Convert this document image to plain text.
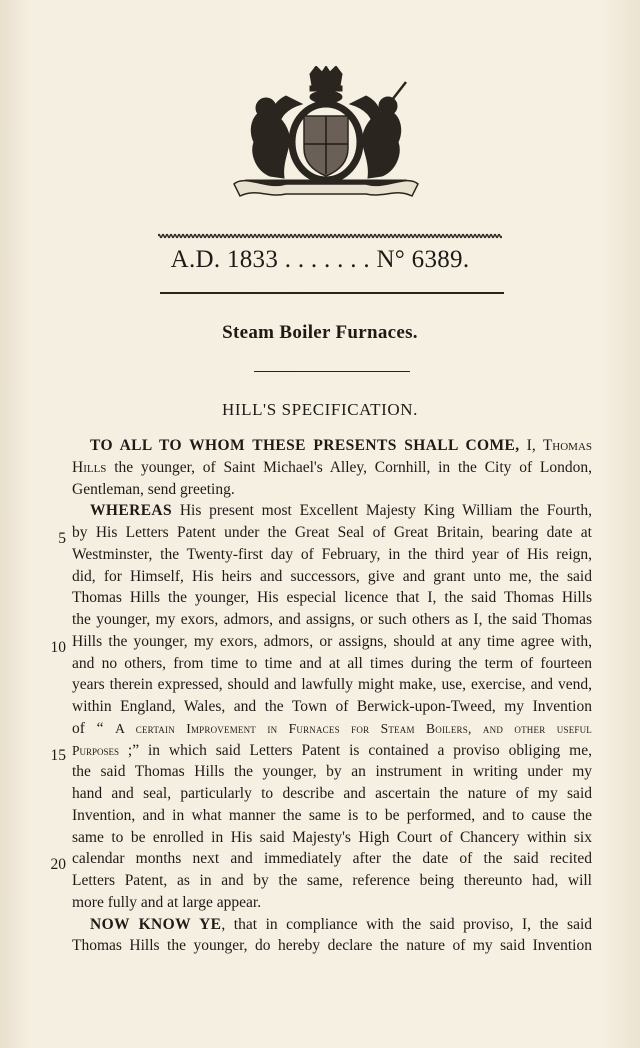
A.D. 1833 . . . . . . . N° 6389.
Steam Boiler Furnaces.
HILL'S SPECIFICATION.
5
10
15
20
TO ALL TO WHOM THESE PRESENTS SHALL COME, I, Thomas
Hills the younger, of Saint Michael's Alley, Cornhill, in the City of London,
Gentleman, send greeting.
WHEREAS His present most Excellent Majesty King William the Fourth,
by His Letters Patent under the Great Seal of Great Britain, bearing date at
Westminster, the Twenty-first day of February, in the third year of His reign,
did, for Himself, His heirs and successors, give and grant unto me, the said
Thomas Hills the younger, His especial licence that I, the said Thomas Hills
the younger, my exors, admors, and assigns, or such others as I, the said Thomas
Hills the younger, my exors, admors, or assigns, should at any time agree with,
and no others, from time to time and at all times during the term of fourteen
years therein expressed, should and lawfully might make, use, exercise, and vend,
within England, Wales, and the Town of Berwick-upon-Tweed, my Invention
of “ A certain Improvement in Furnaces for Steam Boilers, and other useful
Purposes ;” in which said Letters Patent is contained a proviso obliging me,
the said Thomas Hills the younger, by an instrument in writing under my
hand and seal, particularly to describe and ascertain the nature of my said
Invention, and in what manner the same is to be performed, and to cause the
same to be enrolled in His said Majesty's High Court of Chancery within six
calendar months next and immediately after the date of the said recited
Letters Patent, as in and by the same, reference being thereunto had, will
more fully and at large appear.
NOW KNOW YE, that in compliance with the said proviso, I, the said
Thomas Hills the younger, do hereby declare the nature of my said Invention
